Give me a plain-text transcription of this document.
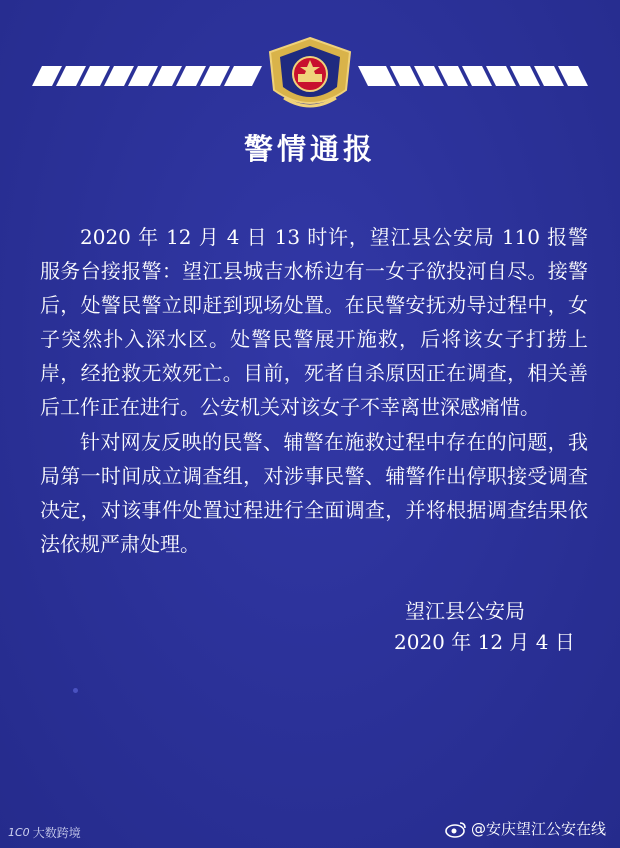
警情通报
2020 年 12 月 4 日 13 时许，望江县公安局 110 报警服务台接报警：望江县城吉水桥边有一女子欲投河自尽。接警后，处警民警立即赶到现场处置。在民警安抚劝导过程中，女子突然扑入深水区。处警民警展开施救，后将该女子打捞上岸，经抢救无效死亡。目前，死者自杀原因正在调查，相关善后工作正在进行。公安机关对该女子不幸离世深感痛惜。
针对网友反映的民警、辅警在施救过程中存在的问题，我局第一时间成立调查组，对涉事民警、辅警作出停职接受调查决定，对该事件处置过程进行全面调查，并将根据调查结果依法依规严肃处理。
望江县公安局
2020 年 12 月 4 日
1C0 大数跨境	@安庆望江公安在线
